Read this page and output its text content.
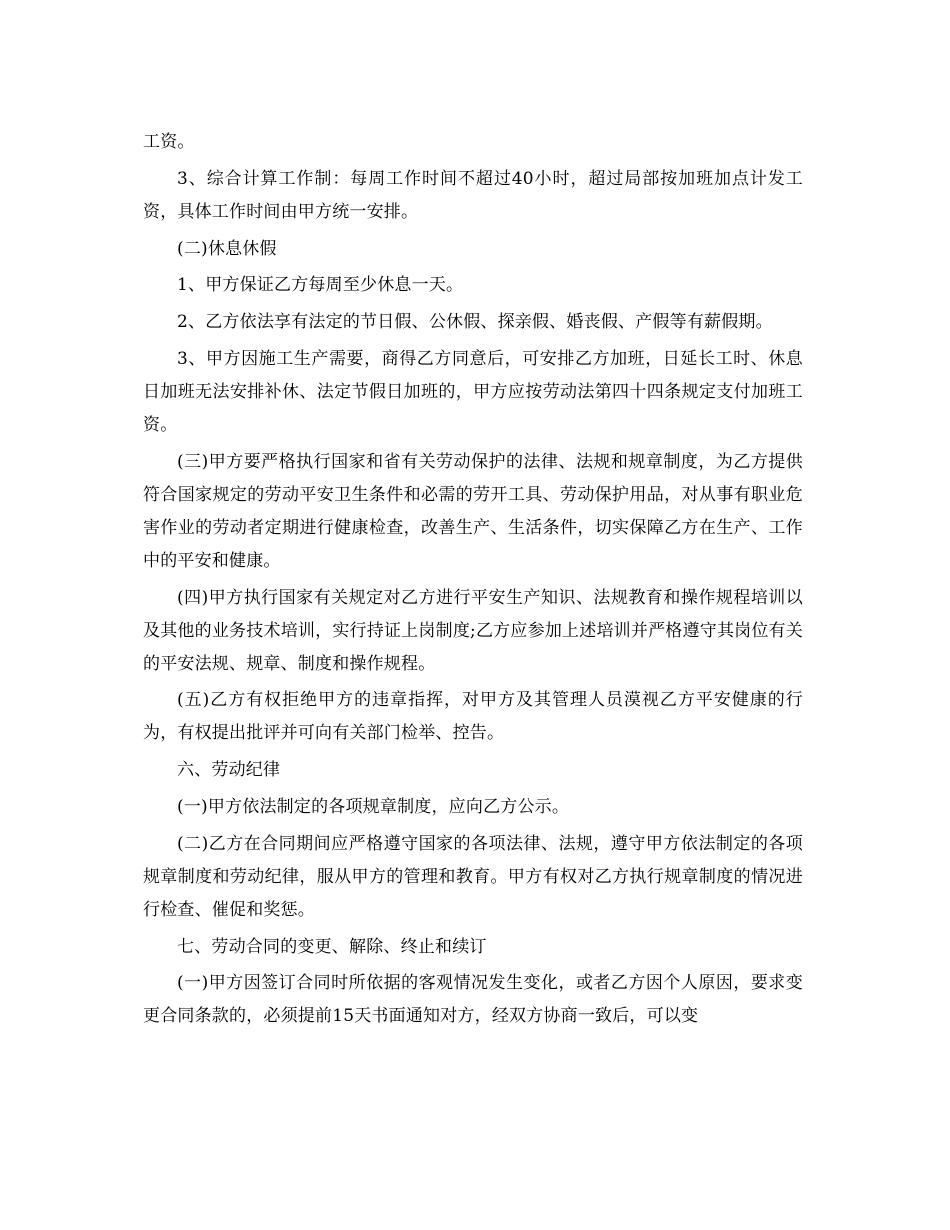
工资。

3、综合计算工作制：每周工作时间不超过40小时，超过局部按加班加点计发工资，具体工作时间由甲方统一安排。

(二)休息休假

1、甲方保证乙方每周至少休息一天。

2、乙方依法享有法定的节日假、公休假、探亲假、婚丧假、产假等有薪假期。

3、甲方因施工生产需要，商得乙方同意后，可安排乙方加班，日延长工时、休息日加班无法安排补休、法定节假日加班的，甲方应按劳动法第四十四条规定支付加班工资。

(三)甲方要严格执行国家和省有关劳动保护的法律、法规和规章制度，为乙方提供符合国家规定的劳动平安卫生条件和必需的劳开工具、劳动保护用品，对从事有职业危害作业的劳动者定期进行健康检查，改善生产、生活条件，切实保障乙方在生产、工作中的平安和健康。

(四)甲方执行国家有关规定对乙方进行平安生产知识、法规教育和操作规程培训以及其他的业务技术培训，实行持证上岗制度;乙方应参加上述培训并严格遵守其岗位有关的平安法规、规章、制度和操作规程。

(五)乙方有权拒绝甲方的违章指挥，对甲方及其管理人员漠视乙方平安健康的行为，有权提出批评并可向有关部门检举、控告。

六、劳动纪律

(一)甲方依法制定的各项规章制度，应向乙方公示。

(二)乙方在合同期间应严格遵守国家的各项法律、法规，遵守甲方依法制定的各项规章制度和劳动纪律，服从甲方的管理和教育。甲方有权对乙方执行规章制度的情况进行检查、催促和奖惩。

七、劳动合同的变更、解除、终止和续订

(一)甲方因签订合同时所依据的客观情况发生变化，或者乙方因个人原因，要求变更合同条款的，必须提前15天书面通知对方，经双方协商一致后，可以变
